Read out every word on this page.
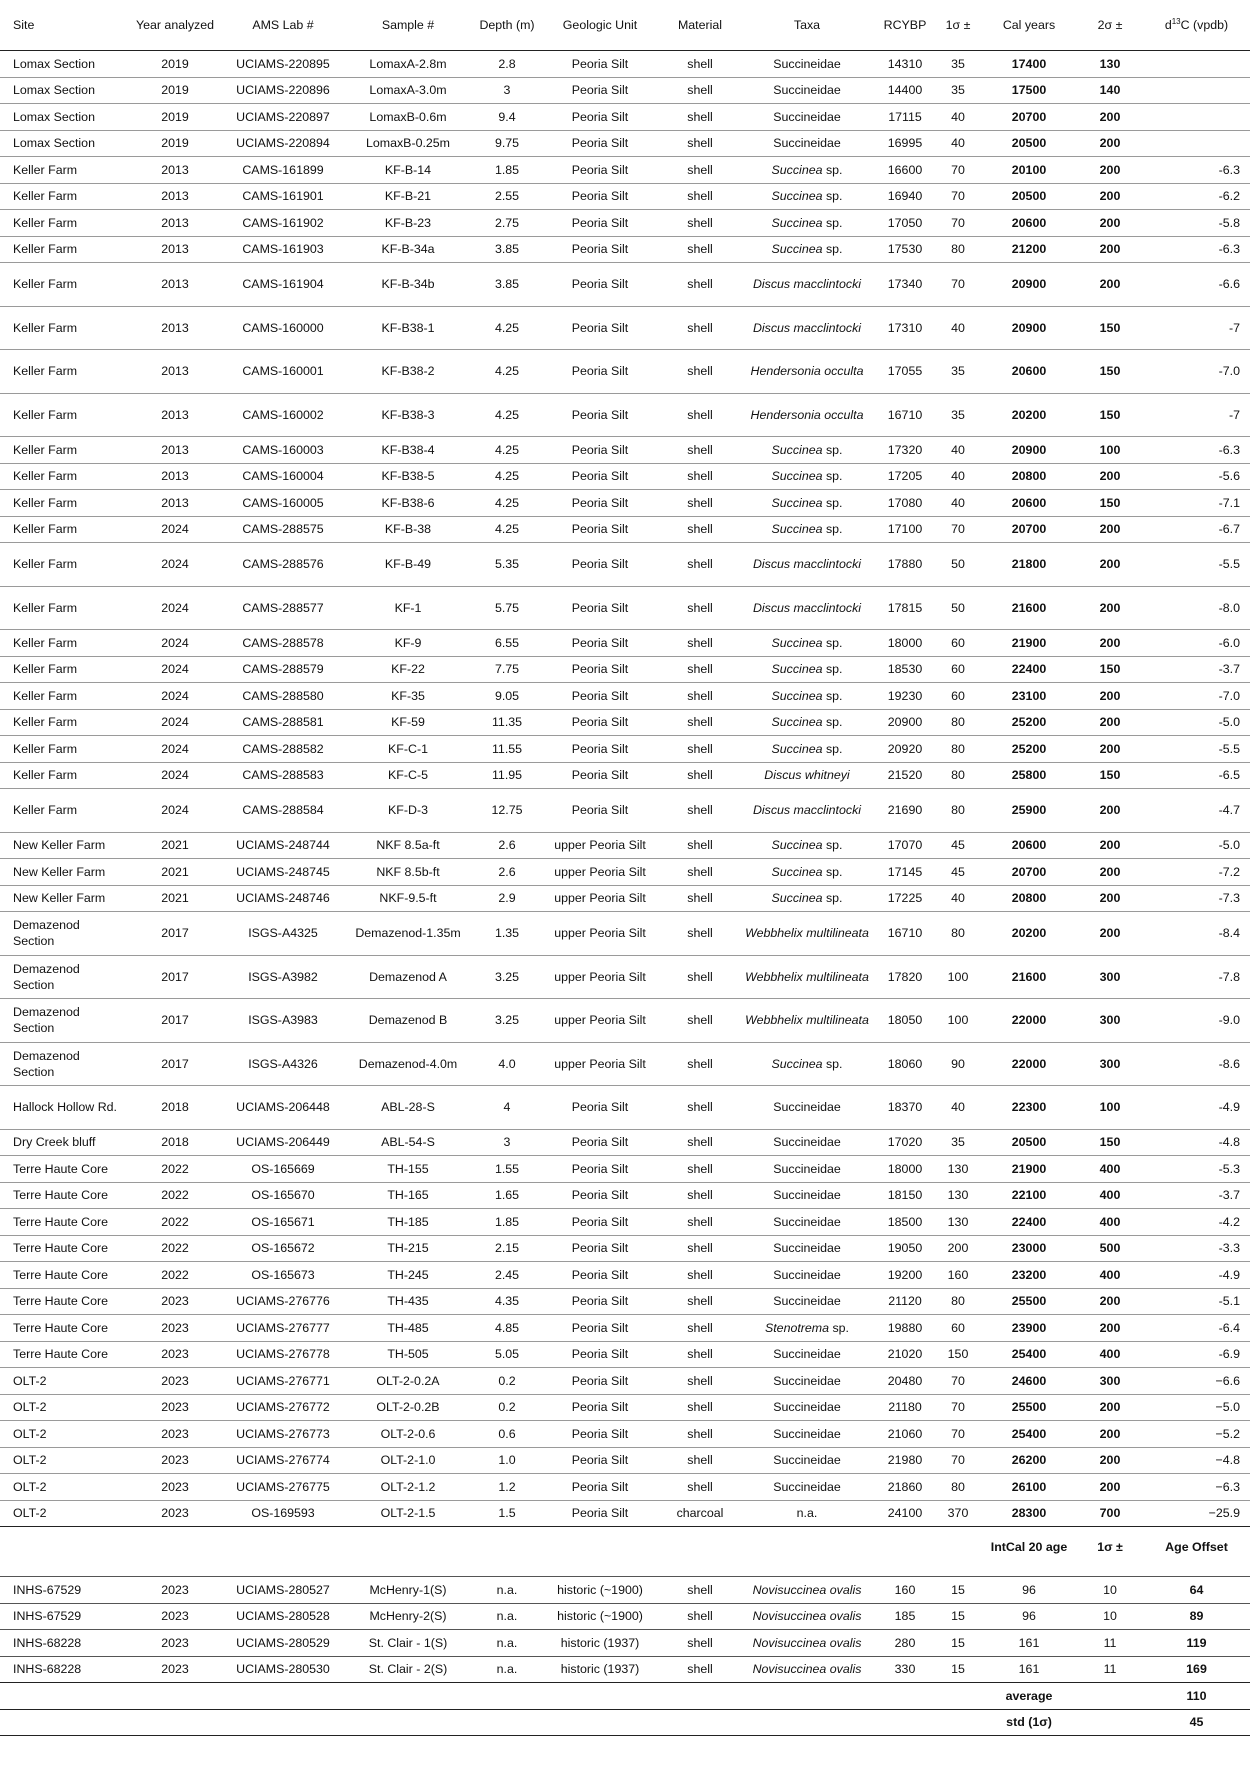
Site	Year analyzed	AMS Lab #	Sample #	Depth (m)	Geologic Unit	Material	Taxa	RCYBP	1σ ±	Cal years	2σ ±	$d^{13}C$ (vpdb)
Lomax Section	2019	UCIAMS-220895	LomaxA-2.8m	2.8	Peoria Silt	shell	Succineidae	14310	35	17400	130	
Lomax Section	2019	UCIAMS-220896	LomaxA-3.0m	3	Peoria Silt	shell	Succineidae	14400	35	17500	140	
Lomax Section	2019	UCIAMS-220897	LomaxB-0.6m	9.4	Peoria Silt	shell	Succineidae	17115	40	20700	200	
Lomax Section	2019	UCIAMS-220894	LomaxB-0.25m	9.75	Peoria Silt	shell	Succineidae	16995	40	20500	200	
Keller Farm	2013	CAMS-161899	KF-B-14	1.85	Peoria Silt	shell	Succinea sp.	16600	70	20100	200	-6.3
Keller Farm	2013	CAMS-161901	KF-B-21	2.55	Peoria Silt	shell	Succinea sp.	16940	70	20500	200	-6.2
Keller Farm	2013	CAMS-161902	KF-B-23	2.75	Peoria Silt	shell	Succinea sp.	17050	70	20600	200	-5.8
Keller Farm	2013	CAMS-161903	KF-B-34a	3.85	Peoria Silt	shell	Succinea sp.	17530	80	21200	200	-6.3
Keller Farm	2013	CAMS-161904	KF-B-34b	3.85	Peoria Silt	shell	Discus macclintocki	17340	70	20900	200	-6.6
Keller Farm	2013	CAMS-160000	KF-B38-1	4.25	Peoria Silt	shell	Discus macclintocki	17310	40	20900	150	-7
Keller Farm	2013	CAMS-160001	KF-B38-2	4.25	Peoria Silt	shell	Hendersonia occulta	17055	35	20600	150	-7.0
Keller Farm	2013	CAMS-160002	KF-B38-3	4.25	Peoria Silt	shell	Hendersonia occulta	16710	35	20200	150	-7
Keller Farm	2013	CAMS-160003	KF-B38-4	4.25	Peoria Silt	shell	Succinea sp.	17320	40	20900	100	-6.3
Keller Farm	2013	CAMS-160004	KF-B38-5	4.25	Peoria Silt	shell	Succinea sp.	17205	40	20800	200	-5.6
Keller Farm	2013	CAMS-160005	KF-B38-6	4.25	Peoria Silt	shell	Succinea sp.	17080	40	20600	150	-7.1
Keller Farm	2024	CAMS-288575	KF-B-38	4.25	Peoria Silt	shell	Succinea sp.	17100	70	20700	200	-6.7
Keller Farm	2024	CAMS-288576	KF-B-49	5.35	Peoria Silt	shell	Discus macclintocki	17880	50	21800	200	-5.5
Keller Farm	2024	CAMS-288577	KF-1	5.75	Peoria Silt	shell	Discus macclintocki	17815	50	21600	200	-8.0
Keller Farm	2024	CAMS-288578	KF-9	6.55	Peoria Silt	shell	Succinea sp.	18000	60	21900	200	-6.0
Keller Farm	2024	CAMS-288579	KF-22	7.75	Peoria Silt	shell	Succinea sp.	18530	60	22400	150	-3.7
Keller Farm	2024	CAMS-288580	KF-35	9.05	Peoria Silt	shell	Succinea sp.	19230	60	23100	200	-7.0
Keller Farm	2024	CAMS-288581	KF-59	11.35	Peoria Silt	shell	Succinea sp.	20900	80	25200	200	-5.0
Keller Farm	2024	CAMS-288582	KF-C-1	11.55	Peoria Silt	shell	Succinea sp.	20920	80	25200	200	-5.5
Keller Farm	2024	CAMS-288583	KF-C-5	11.95	Peoria Silt	shell	Discus whitneyi	21520	80	25800	150	-6.5
Keller Farm	2024	CAMS-288584	KF-D-3	12.75	Peoria Silt	shell	Discus macclintocki	21690	80	25900	200	-4.7
New Keller Farm	2021	UCIAMS-248744	NKF 8.5a-ft	2.6	upper Peoria Silt	shell	Succinea sp.	17070	45	20600	200	-5.0
New Keller Farm	2021	UCIAMS-248745	NKF 8.5b-ft	2.6	upper Peoria Silt	shell	Succinea sp.	17145	45	20700	200	-7.2
New Keller Farm	2021	UCIAMS-248746	NKF-9.5-ft	2.9	upper Peoria Silt	shell	Succinea sp.	17225	40	20800	200	-7.3
Demazenod Section	2017	ISGS-A4325	Demazenod-1.35m	1.35	upper Peoria Silt	shell	Webbhelix multilineata	16710	80	20200	200	-8.4
Demazenod Section	2017	ISGS-A3982	Demazenod A	3.25	upper Peoria Silt	shell	Webbhelix multilineata	17820	100	21600	300	-7.8
Demazenod Section	2017	ISGS-A3983	Demazenod B	3.25	upper Peoria Silt	shell	Webbhelix multilineata	18050	100	22000	300	-9.0
Demazenod Section	2017	ISGS-A4326	Demazenod-4.0m	4.0	upper Peoria Silt	shell	Succinea sp.	18060	90	22000	300	-8.6
Hallock Hollow Rd.	2018	UCIAMS-206448	ABL-28-S	4	Peoria Silt	shell	Succineidae	18370	40	22300	100	-4.9
Dry Creek bluff	2018	UCIAMS-206449	ABL-54-S	3	Peoria Silt	shell	Succineidae	17020	35	20500	150	-4.8
Terre Haute Core	2022	OS-165669	TH-155	1.55	Peoria Silt	shell	Succineidae	18000	130	21900	400	-5.3
Terre Haute Core	2022	OS-165670	TH-165	1.65	Peoria Silt	shell	Succineidae	18150	130	22100	400	-3.7
Terre Haute Core	2022	OS-165671	TH-185	1.85	Peoria Silt	shell	Succineidae	18500	130	22400	400	-4.2
Terre Haute Core	2022	OS-165672	TH-215	2.15	Peoria Silt	shell	Succineidae	19050	200	23000	500	-3.3
Terre Haute Core	2022	OS-165673	TH-245	2.45	Peoria Silt	shell	Succineidae	19200	160	23200	400	-4.9
Terre Haute Core	2023	UCIAMS-276776	TH-435	4.35	Peoria Silt	shell	Succineidae	21120	80	25500	200	-5.1
Terre Haute Core	2023	UCIAMS-276777	TH-485	4.85	Peoria Silt	shell	Stenotrema sp.	19880	60	23900	200	-6.4
Terre Haute Core	2023	UCIAMS-276778	TH-505	5.05	Peoria Silt	shell	Succineidae	21020	150	25400	400	-6.9
OLT-2	2023	UCIAMS-276771	OLT-2-0.2A	0.2	Peoria Silt	shell	Succineidae	20480	70	24600	300	−6.6
OLT-2	2023	UCIAMS-276772	OLT-2-0.2B	0.2	Peoria Silt	shell	Succineidae	21180	70	25500	200	−5.0
OLT-2	2023	UCIAMS-276773	OLT-2-0.6	0.6	Peoria Silt	shell	Succineidae	21060	70	25400	200	−5.2
OLT-2	2023	UCIAMS-276774	OLT-2-1.0	1.0	Peoria Silt	shell	Succineidae	21980	70	26200	200	−4.8
OLT-2	2023	UCIAMS-276775	OLT-2-1.2	1.2	Peoria Silt	shell	Succineidae	21860	80	26100	200	−6.3
OLT-2	2023	OS-169593	OLT-2-1.5	1.5	Peoria Silt	charcoal	n.a.	24100	370	28300	700	−25.9
										IntCal 20 age	1σ ±	Age Offset
INHS-67529	2023	UCIAMS-280527	McHenry-1(S)	n.a.	historic (~1900)	shell	Novisuccinea ovalis	160	15	96	10	64
INHS-67529	2023	UCIAMS-280528	McHenry-2(S)	n.a.	historic (~1900)	shell	Novisuccinea ovalis	185	15	96	10	89
INHS-68228	2023	UCIAMS-280529	St. Clair - 1(S)	n.a.	historic (1937)	shell	Novisuccinea ovalis	280	15	161	11	119
INHS-68228	2023	UCIAMS-280530	St. Clair - 2(S)	n.a.	historic (1937)	shell	Novisuccinea ovalis	330	15	161	11	169
										average		110
										std (1σ)		45
